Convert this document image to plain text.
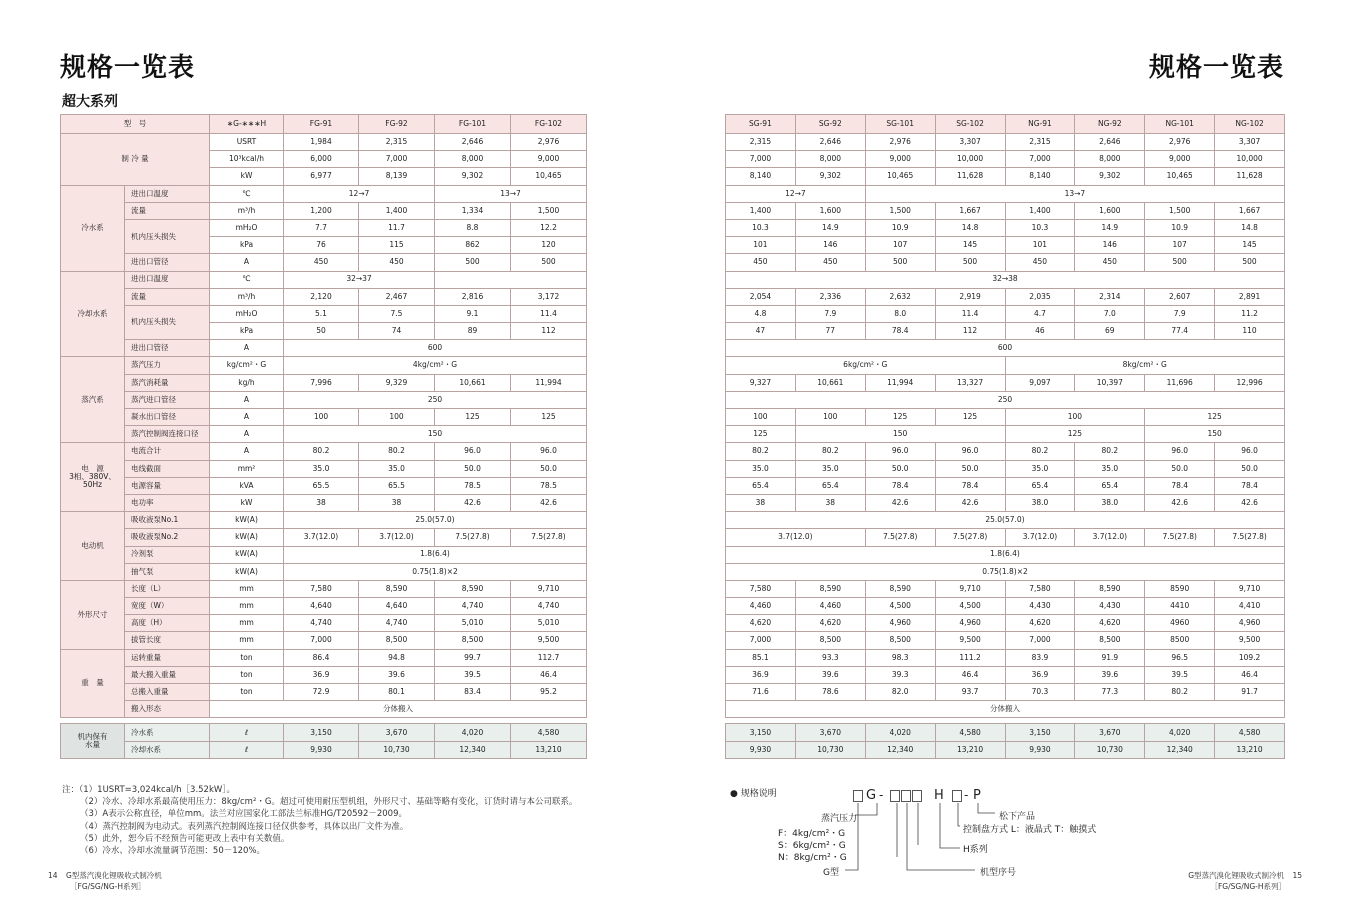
规格一览表	规格一览表
超大系列
型　号		∗G-∗∗∗H	FG-91	FG-92	FG-101	FG-102
制 冷 量		USRT	1,984	2,315	2,646	2,976
		10³kcal/h	6,000	7,000	8,000	9,000
		kW	6,977	8,139	9,302	10,465
冷水系	进出口温度	℃	12→7		13→7	
	流量	m³/h	1,200	1,400	1,334	1,500
	机内压头损失	mH₂O	7.7	11.7	8.8	12.2
		kPa	76	115	862	120
	进出口管径	A	450	450	500	500
冷却水系	进出口温度	℃	32→37			
	流量	m³/h	2,120	2,467	2,816	3,172
	机内压头损失	mH₂O	5.1	7.5	9.1	11.4
		kPa	50	74	89	112
	进出口管径	A	600			
蒸汽系	蒸汽压力	kg/cm²・G	4kg/cm²・G			
	蒸汽消耗量	kg/h	7,996	9,329	10,661	11,994
	蒸汽进口管径	A	250			
	凝水出口管径	A	100	100	125	125
	蒸汽控制阀连接口径	A	150			
电　源
3相、380V、
50Hz	电流合计	A	80.2	80.2	96.0	96.0
	电线截面	mm²	35.0	35.0	50.0	50.0
	电源容量	kVA	65.5	65.5	78.5	78.5
	电功率	kW	38	38	42.6	42.6
电动机	吸收液泵No.1	kW(A)	25.0(57.0)			
	吸收液泵No.2	kW(A)	3.7(12.0)	3.7(12.0)	7.5(27.8)	7.5(27.8)
	冷剂泵	kW(A)	1.8(6.4)			
	抽气泵	kW(A)	0.75(1.8)×2			
外形尺寸	长度（L）	mm	7,580	8,590	8,590	9,710
	宽度（W）	mm	4,640	4,640	4,740	4,740
	高度（H）	mm	4,740	4,740	5,010	5,010
	拔管长度	mm	7,000	8,500	8,500	9,500
重　量	运转重量	ton	86.4	94.8	99.7	112.7
	最大搬入重量	ton	36.9	39.6	39.5	46.4
	总搬入重量	ton	72.9	80.1	83.4	95.2
	搬入形态	分体搬入				

机内保有
水量	冷水系	ℓ	3,150	3,670	4,020	4,580
	冷却水系	ℓ	9,930	10,730	12,340	13,210
SG-91	SG-92	SG-101	SG-102	NG-91	NG-92	NG-101	NG-102
2,315	2,646	2,976	3,307	2,315	2,646	2,976	3,307
7,000	8,000	9,000	10,000	7,000	8,000	9,000	10,000
8,140	9,302	10,465	11,628	8,140	9,302	10,465	11,628
12→7		13→7					
1,400	1,600	1,500	1,667	1,400	1,600	1,500	1,667
10.3	14.9	10.9	14.8	10.3	14.9	10.9	14.8
101	146	107	145	101	146	107	145
450	450	500	500	450	450	500	500
32→38							
2,054	2,336	2,632	2,919	2,035	2,314	2,607	2,891
4.8	7.9	8.0	11.4	4.7	7.0	7.9	11.2
47	77	78.4	112	46	69	77.4	110
600							
6kg/cm²・G				8kg/cm²・G			
9,327	10,661	11,994	13,327	9,097	10,397	11,696	12,996
250							
100	100	125	125	100		125	
125	150			125		150	
80.2	80.2	96.0	96.0	80.2	80.2	96.0	96.0
35.0	35.0	50.0	50.0	35.0	35.0	50.0	50.0
65.4	65.4	78.4	78.4	65.4	65.4	78.4	78.4
38	38	42.6	42.6	38.0	38.0	42.6	42.6
25.0(57.0)							
3.7(12.0)		7.5(27.8)	7.5(27.8)	3.7(12.0)	3.7(12.0)	7.5(27.8)	7.5(27.8)
1.8(6.4)							
0.75(1.8)×2							
7,580	8,590	8,590	9,710	7,580	8,590	8590	9,710
4,460	4,460	4,500	4,500	4,430	4,430	4410	4,410
4,620	4,620	4,960	4,960	4,620	4,620	4960	4,960
7,000	8,500	8,500	9,500	7,000	8,500	8500	9,500
85.1	93.3	98.3	111.2	83.9	91.9	96.5	109.2
36.9	39.6	39.3	46.4	36.9	39.6	39.5	46.4
71.6	78.6	82.0	93.7	70.3	77.3	80.2	91.7
分体搬入							

3,150	3,670	4,020	4,580	3,150	3,670	4,020	4,580
9,930	10,730	12,340	13,210	9,930	10,730	12,340	13,210
注：（1）1USRT=3,024kcal/h［3.52kW］。
（2）冷水、冷却水系最高使用压力：8kg/cm²・G。超过可使用耐压型机组，外形尺寸、基础等略有变化，订货时请与本公司联系。
（3）A表示公称直径，单位mm。法兰对应国家化工部法兰标准HG/T20592－2009。
（4）蒸汽控制阀为电动式。表列蒸汽控制阀连接口径仅供参考，具体以出厂文件为准。
（5）此外，恕今后不经预告可能更改上表中有关数值。
（6）冷水、冷却水流量调节范围：50－120%。
14 G型蒸汽溴化锂吸收式制冷机
［FG/SG/NG-H系列］
G型蒸汽溴化锂吸收式制冷机 15
［FG/SG/NG-H系列］
● 规格说明	G -	H - P
松下产品
蒸汽压力
F：4kg/cm²・G
S：6kg/cm²・G
N：8kg/cm²・G
G型
控制盘方式 L：液晶式 T：触摸式
H系列
机型序号
